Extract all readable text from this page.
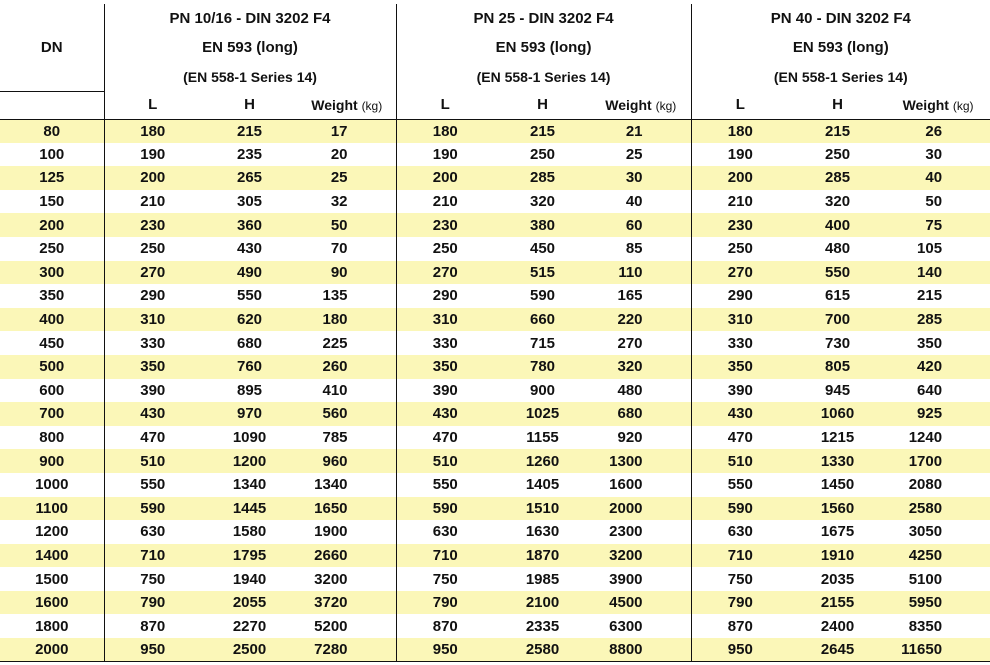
DN	PN 10/16 - DIN 3202 F4			PN 25 - DIN 3202 F4			PN 40 - DIN 3202 F4		
	EN 593 (long)			EN 593 (long)			EN 593 (long)		
	(EN 558-1 Series 14)			(EN 558-1 Series 14)			(EN 558-1 Series 14)		
	L	H	Weight (kg)	L	H	Weight (kg)	L	H	Weight (kg)
80	180	215	17	180	215	21	180	215	26
100	190	235	20	190	250	25	190	250	30
125	200	265	25	200	285	30	200	285	40
150	210	305	32	210	320	40	210	320	50
200	230	360	50	230	380	60	230	400	75
250	250	430	70	250	450	85	250	480	105
300	270	490	90	270	515	110	270	550	140
350	290	550	135	290	590	165	290	615	215
400	310	620	180	310	660	220	310	700	285
450	330	680	225	330	715	270	330	730	350
500	350	760	260	350	780	320	350	805	420
600	390	895	410	390	900	480	390	945	640
700	430	970	560	430	1025	680	430	1060	925
800	470	1090	785	470	1155	920	470	1215	1240
900	510	1200	960	510	1260	1300	510	1330	1700
1000	550	1340	1340	550	1405	1600	550	1450	2080
1100	590	1445	1650	590	1510	2000	590	1560	2580
1200	630	1580	1900	630	1630	2300	630	1675	3050
1400	710	1795	2660	710	1870	3200	710	1910	4250
1500	750	1940	3200	750	1985	3900	750	2035	5100
1600	790	2055	3720	790	2100	4500	790	2155	5950
1800	870	2270	5200	870	2335	6300	870	2400	8350
2000	950	2500	7280	950	2580	8800	950	2645	11650
